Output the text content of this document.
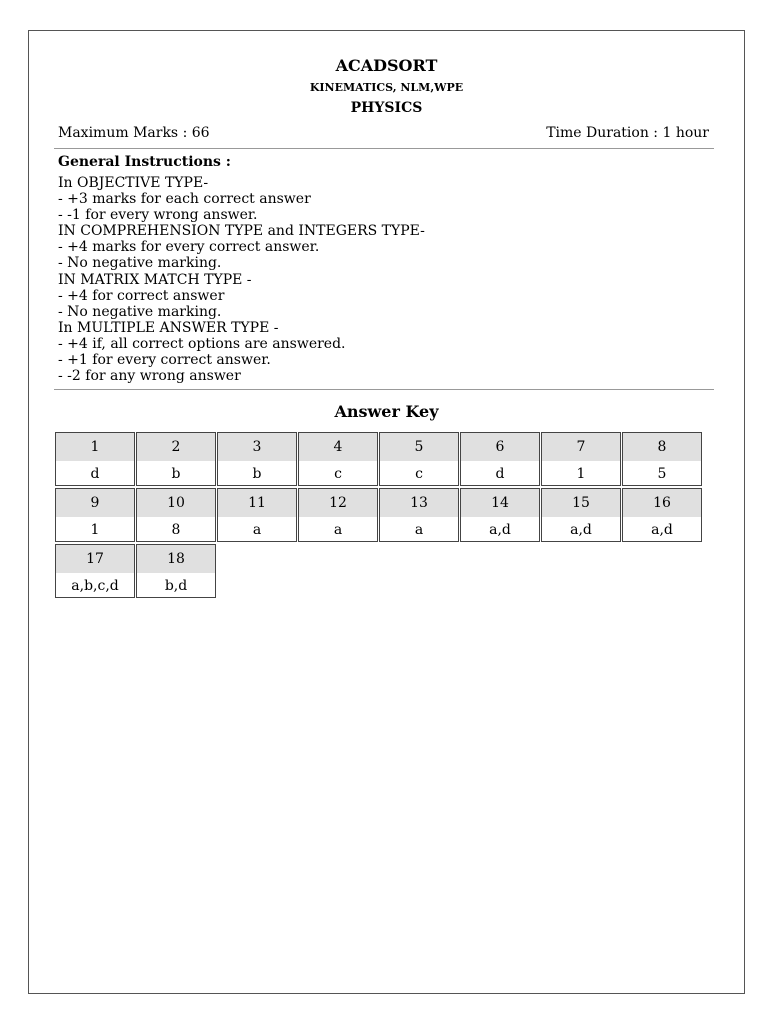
ACADSORT
KINEMATICS, NLM,WPE
PHYSICS
Maximum Marks : 66	Time Duration : 1 hour
General Instructions :
In OBJECTIVE TYPE-
- +3 marks for each correct answer
- -1 for every wrong answer.
IN COMPREHENSION TYPE and INTEGERS TYPE-
- +4 marks for every correct answer.
- No negative marking.
IN MATRIX MATCH TYPE -
- +4 for correct answer
- No negative marking.
In MULTIPLE ANSWER TYPE -
- +4 if, all correct options are answered.
- +1 for every correct answer.
- -2 for any wrong answer
Answer Key
1
d
2
b
3
b
4
c
5
c
6
d
7
1
8
5
9
1
10
8
11
a
12
a
13
a
14
a,d
15
a,d
16
a,d
17
a,b,c,d
18
b,d
